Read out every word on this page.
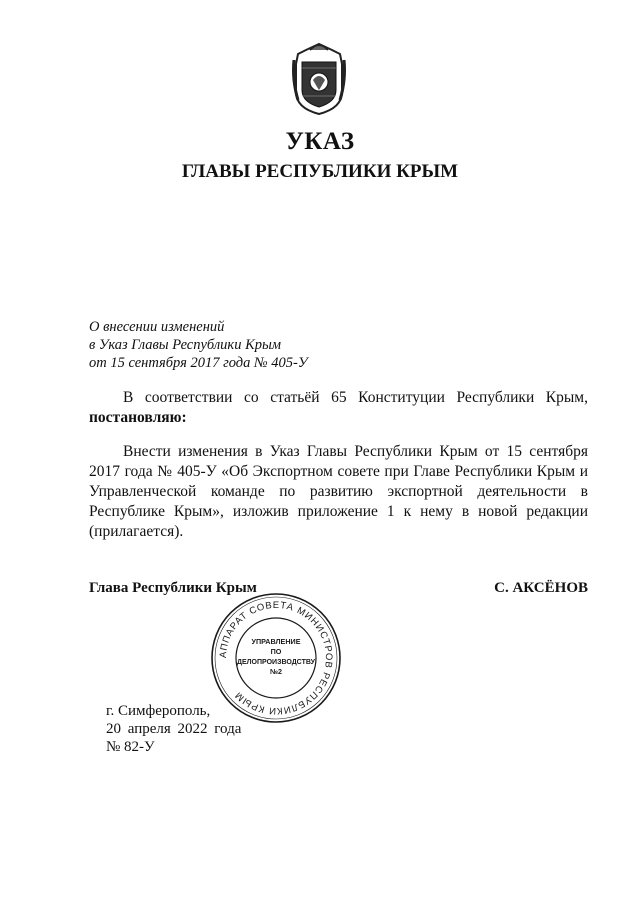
УКАЗ
ГЛАВЫ РЕСПУБЛИКИ КРЫМ
О внесении изменений
в Указ Главы Республики Крым
от 15 сентября 2017 года № 405-У
В соответствии со статьёй 65 Конституции Республики Крым, постановляю:
Внести изменения в Указ Главы Республики Крым от 15 сентября 2017 года № 405-У «Об Экспортном совете при Главе Республики Крым и Управленческой команде по развитию экспортной деятельности в Республике Крым», изложив приложение 1 к нему в новой редакции (прилагается).
Глава Республики Крым	С. АКСЁНОВ
АППАРАТ СОВЕТА МИНИСТРОВ РЕСПУБЛИКИ КРЫМ
УПРАВЛЕНИЕ
ПО
ДЕЛОПРОИЗВОДСТВУ
№2
г. Симферополь,
20 апреля 2022 года
№ 82-У
